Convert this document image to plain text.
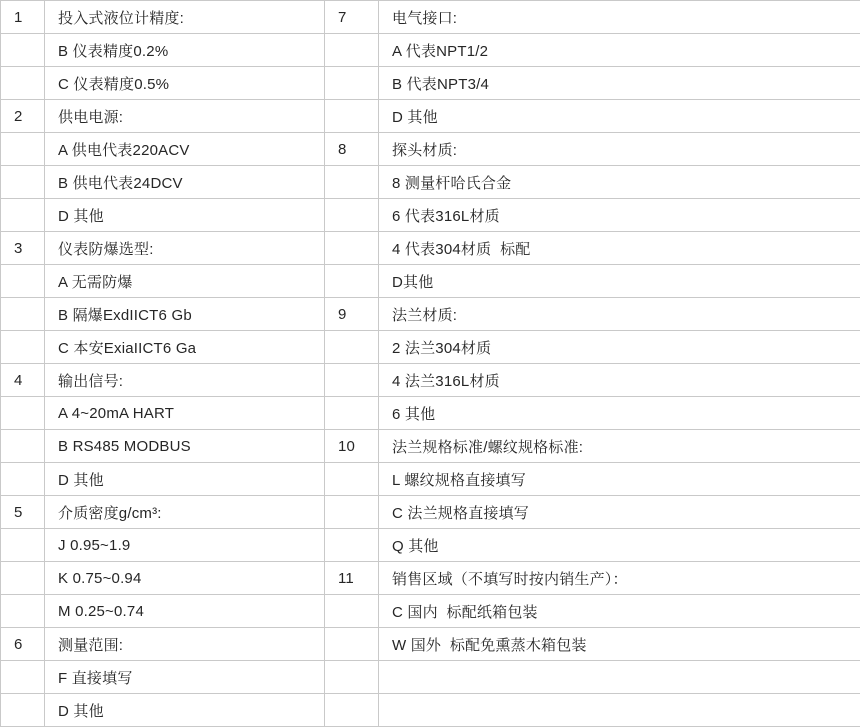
1	投入式液位计精度:	7	电气接口:
	B 仪表精度0.2%		A 代表NPT1/2
	C 仪表精度0.5%		B 代表NPT3/4
2	供电电源:		D 其他
	A 供电代表220ACV	8	探头材质:
	B 供电代表24DCV		8 测量杆哈氏合金
	D 其他		6 代表316L材质
3	仪表防爆选型:		4 代表304材质  标配
	A 无需防爆		D其他
	B 隔爆ExdIICT6 Gb	9	法兰材质:
	C 本安ExiaIICT6 Ga		2 法兰304材质
4	输出信号:		4 法兰316L材质
	A 4~20mA HART		6 其他
	B RS485 MODBUS	10	法兰规格标准/螺纹规格标准:
	D 其他		L 螺纹规格直接填写
5	介质密度g/cm³:		C 法兰规格直接填写
	J 0.95~1.9		Q 其他
	K 0.75~0.94	11	销售区域（不填写时按内销生产）：
	M 0.25~0.74		C 国内  标配纸箱包装
6	测量范围:		W 国外  标配免熏蒸木箱包装
	F 直接填写		
	D 其他		
